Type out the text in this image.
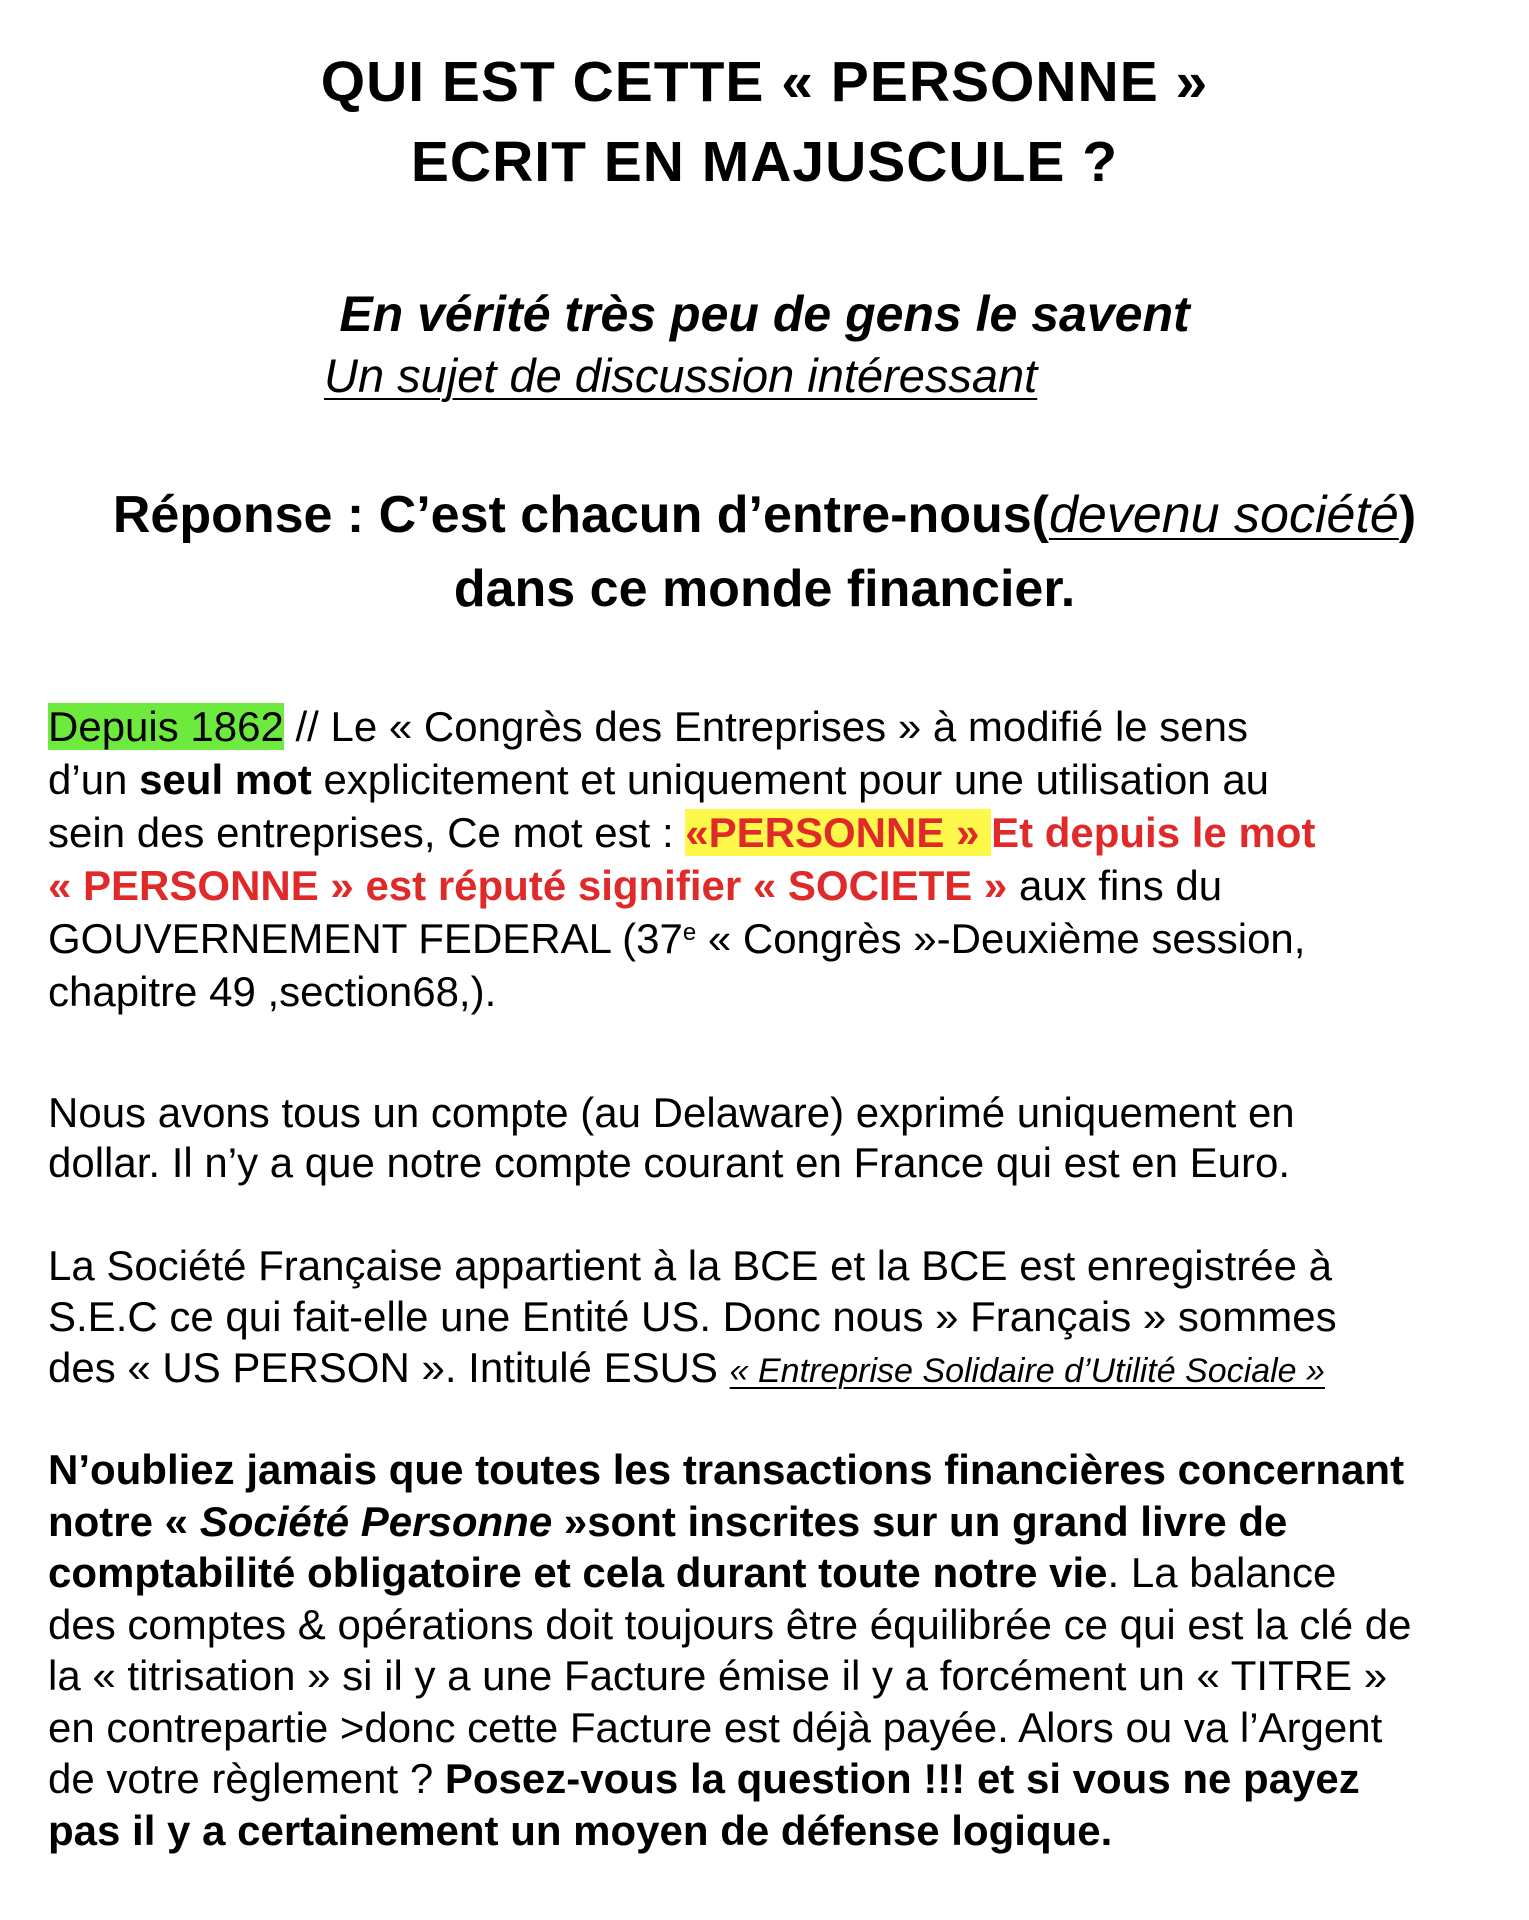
QUI EST CETTE « PERSONNE »
ECRIT EN MAJUSCULE ?
En vérité très peu de gens le savent
Un sujet de discussion intéressant
Réponse : C’est chacun d’entre-nous(devenu société)
dans ce monde financier.
Depuis 1862 // Le « Congrès des Entreprises » à modifié le sens
d’un seul mot explicitement et uniquement pour une utilisation au
sein des entreprises, Ce mot est : «PERSONNE » Et depuis le mot
« PERSONNE » est réputé signifier « SOCIETE » aux fins du
GOUVERNEMENT FEDERAL (37e « Congrès »-Deuxième session,
chapitre 49 ,section68,).
Nous avons tous un compte (au Delaware) exprimé uniquement en
dollar. Il n’y a que notre compte courant en France qui est en Euro.
La Société Française appartient à la BCE et la BCE est enregistrée à
S.E.C ce qui fait-elle une Entité US. Donc nous » Français » sommes
des « US PERSON ». Intitulé ESUS « Entreprise Solidaire d’Utilité Sociale »
N’oubliez jamais que toutes les transactions financières concernant
notre « Société Personne »sont inscrites sur un grand livre de
comptabilité obligatoire et cela durant toute notre vie. La balance
des comptes & opérations doit toujours être équilibrée ce qui est la clé de
la « titrisation » si il y a une Facture émise il y a forcément un « TITRE »
en contrepartie >donc cette Facture est déjà payée. Alors ou va l’Argent
de votre règlement ? Posez-vous la question !!! et si vous ne payez
pas il y a certainement un moyen de défense logique.
